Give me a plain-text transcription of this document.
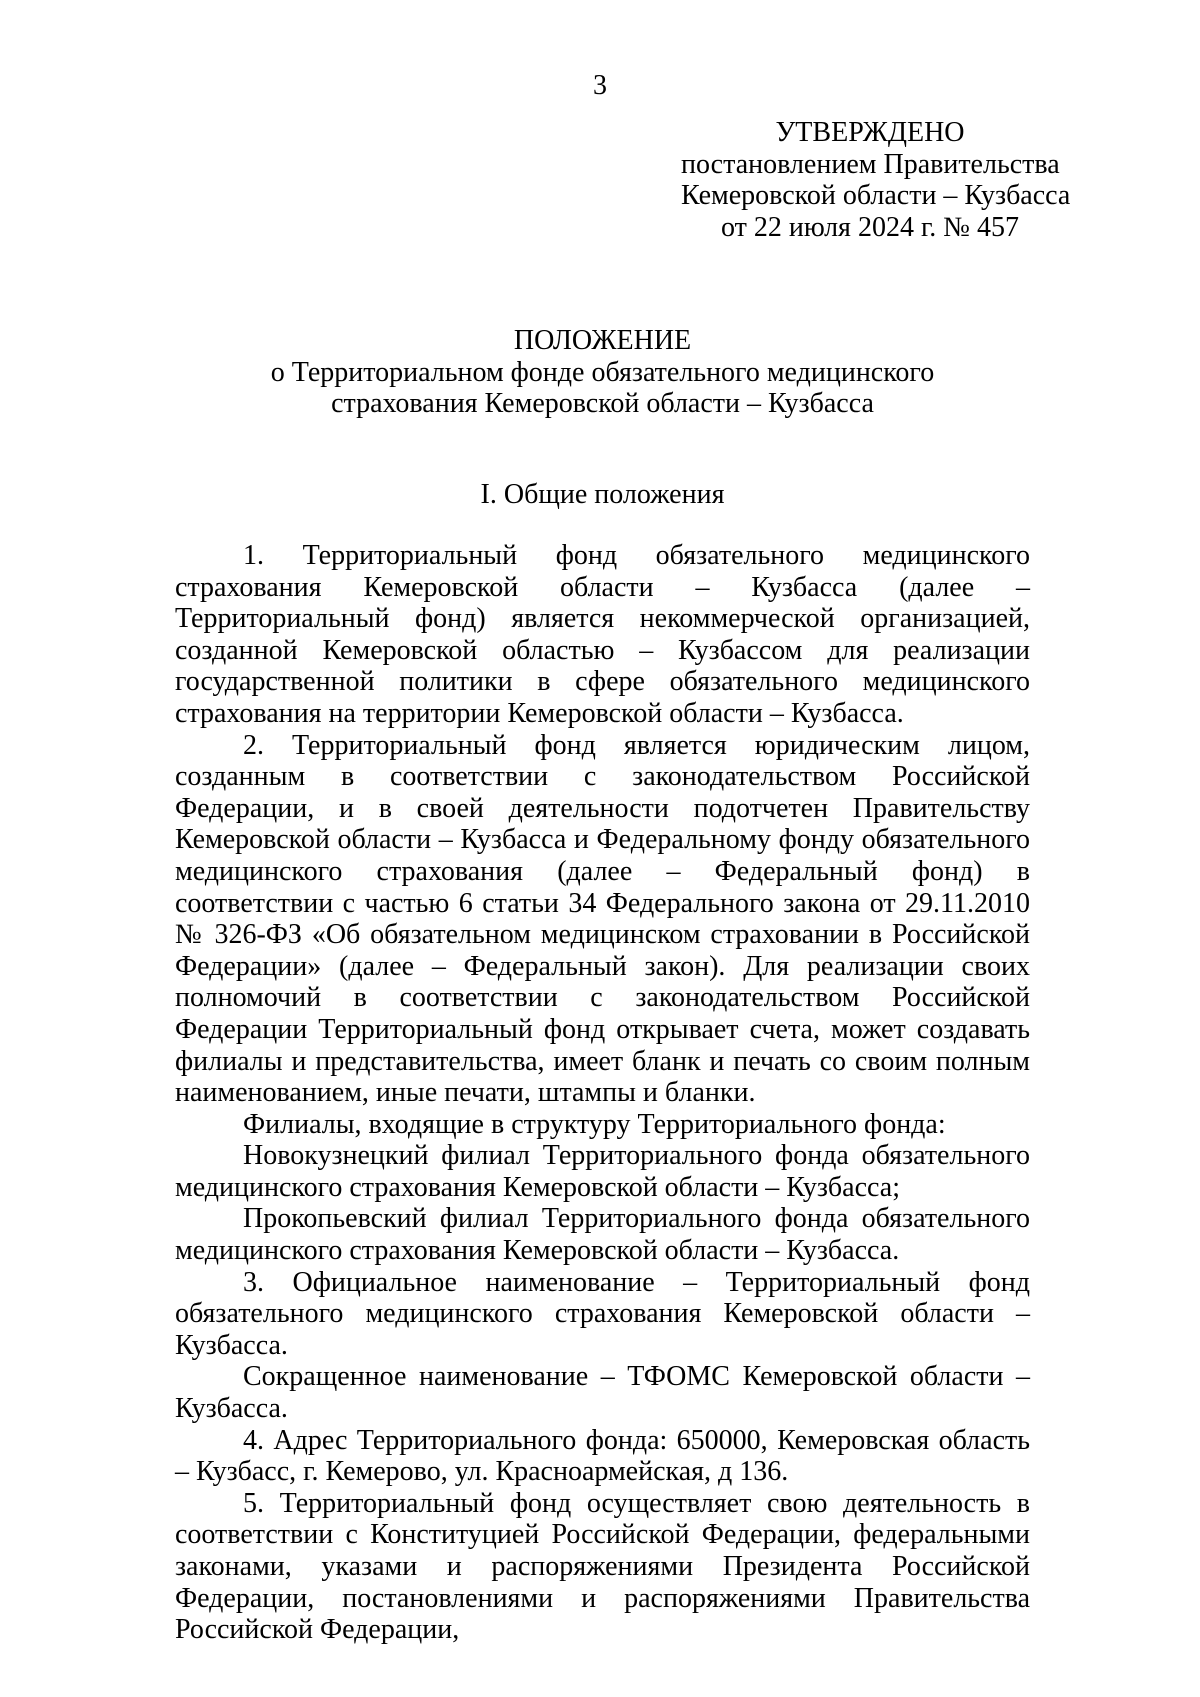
3
УТВЕРЖДЕНО
постановлением Правительства
Кемеровской области – Кузбасса
от 22 июля 2024 г. № 457
ПОЛОЖЕНИЕ
о Территориальном фонде обязательного медицинского
страхования Кемеровской области – Кузбасса
I. Общие положения

1. Территориальный фонд обязательного медицинского страхования Кемеровской области – Кузбасса (далее – Территориальный фонд) является некоммерческой организацией, созданной Кемеровской областью – Кузбассом для реализации государственной политики в сфере обязательного медицинского страхования на территории Кемеровской области – Кузбасса.

2. Территориальный фонд является юридическим лицом, созданным в соответствии с законодательством Российской Федерации, и в своей деятельности подотчетен Правительству Кемеровской области – Кузбасса и Федеральному фонду обязательного медицинского страхования (далее – Федеральный фонд) в соответствии с частью 6 статьи 34 Федерального закона от 29.11.2010 № 326-ФЗ «Об обязательном медицинском страховании в Российской Федерации» (далее – Федеральный закон). Для реализации своих полномочий в соответствии с законодательством Российской Федерации Территориальный фонд открывает счета, может создавать филиалы и представительства, имеет бланк и печать со своим полным наименованием, иные печати, штампы и бланки.

Филиалы, входящие в структуру Территориального фонда:

Новокузнецкий филиал Территориального фонда обязательного медицинского страхования Кемеровской области – Кузбасса;

Прокопьевский филиал Территориального фонда обязательного медицинского страхования Кемеровской области – Кузбасса.

3. Официальное наименование – Территориальный фонд обязательного медицинского страхования Кемеровской области – Кузбасса.

Сокращенное наименование – ТФОМС Кемеровской области – Кузбасса.

4. Адрес Территориального фонда: 650000, Кемеровская область – Кузбасс, г. Кемерово, ул. Красноармейская, д 136.

5. Территориальный фонд осуществляет свою деятельность в соответствии с Конституцией Российской Федерации, федеральными законами, указами и распоряжениями Президента Российской Федерации, постановлениями и распоряжениями Правительства Российской Федерации,
